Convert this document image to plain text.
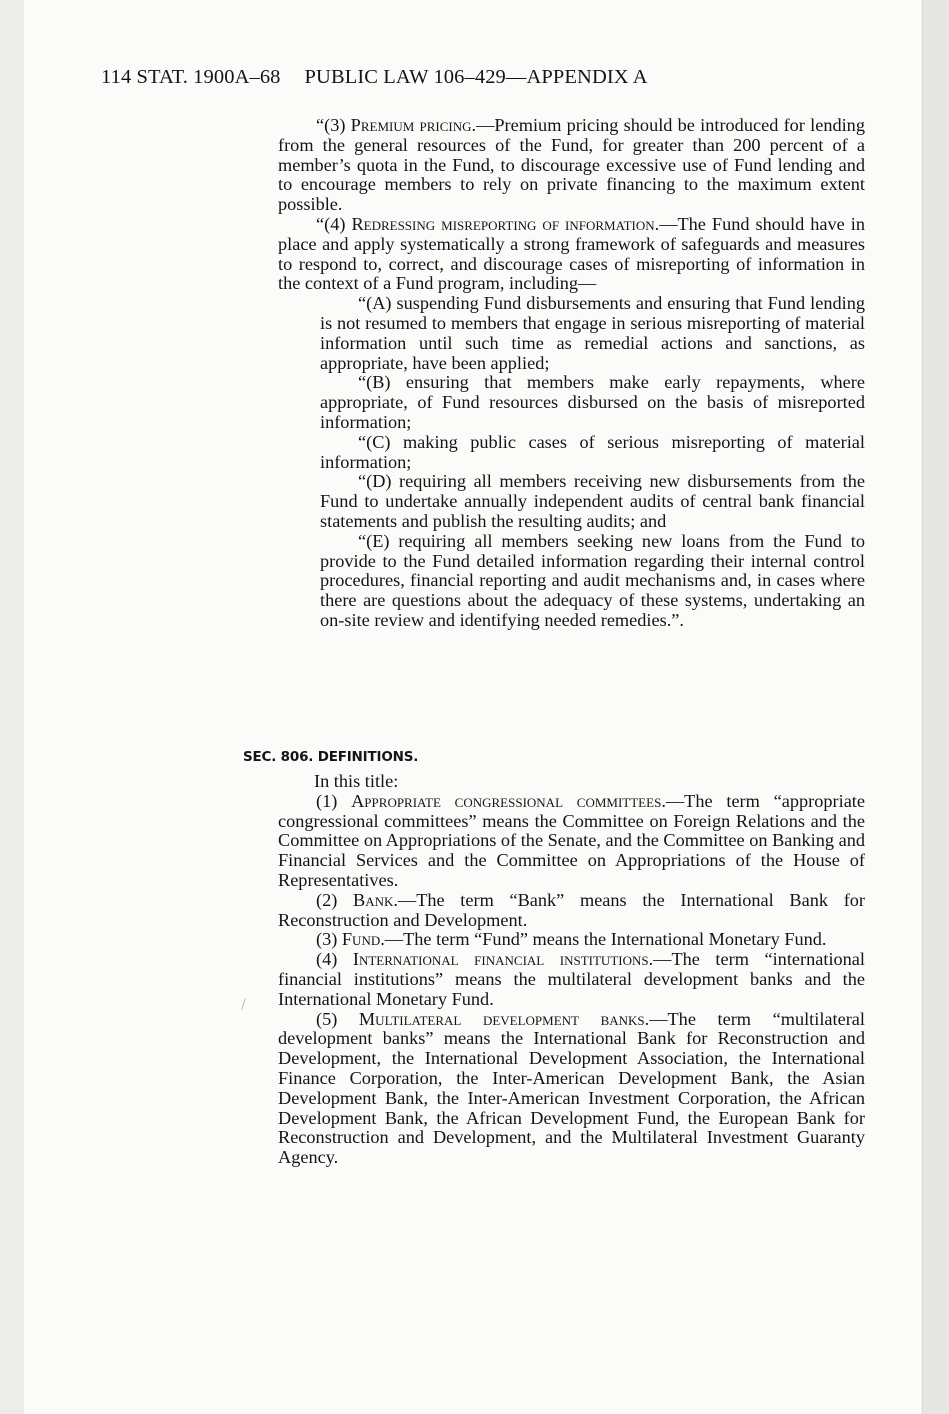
114 STAT. 1900A–68 PUBLIC LAW 106–429—APPENDIX A

“(3) Premium pricing.—Premium pricing should be introduced for lending from the general resources of the Fund, for greater than 200 percent of a member’s quota in the Fund, to discourage excessive use of Fund lending and to encourage members to rely on private financing to the maximum extent possible.

“(4) Redressing misreporting of information.—The Fund should have in place and apply systematically a strong framework of safeguards and measures to respond to, correct, and discourage cases of misreporting of information in the context of a Fund program, including—

“(A) suspending Fund disbursements and ensuring that Fund lending is not resumed to members that engage in serious misreporting of material information until such time as remedial actions and sanctions, as appropriate, have been applied;

“(B) ensuring that members make early repayments, where appropriate, of Fund resources disbursed on the basis of misreported information;

“(C) making public cases of serious misreporting of material information;

“(D) requiring all members receiving new disbursements from the Fund to undertake annually independent audits of central bank financial statements and publish the resulting audits; and

“(E) requiring all members seeking new loans from the Fund to provide to the Fund detailed information regarding their internal control procedures, financial reporting and audit mechanisms and, in cases where there are questions about the adequacy of these systems, undertaking an on-site review and identifying needed remedies.”.

SEC. 806. DEFINITIONS.

In this title:

(1) Appropriate congressional committees.—The term “appropriate congressional committees” means the Committee on Foreign Relations and the Committee on Appropriations of the Senate, and the Committee on Banking and Financial Services and the Committee on Appropriations of the House of Representatives.

(2) Bank.—The term “Bank” means the International Bank for Reconstruction and Development.

(3) Fund.—The term “Fund” means the International Monetary Fund.

(4) International financial institutions.—The term “international financial institutions” means the multilateral development banks and the International Monetary Fund.

(5) Multilateral development banks.—The term “multilateral development banks” means the International Bank for Reconstruction and Development, the International Development Association, the International Finance Corporation, the Inter-American Development Bank, the Asian Development Bank, the Inter-American Investment Corporation, the African Development Bank, the African Development Fund, the European Bank for Reconstruction and Development, and the Multilateral Investment Guaranty Agency.
